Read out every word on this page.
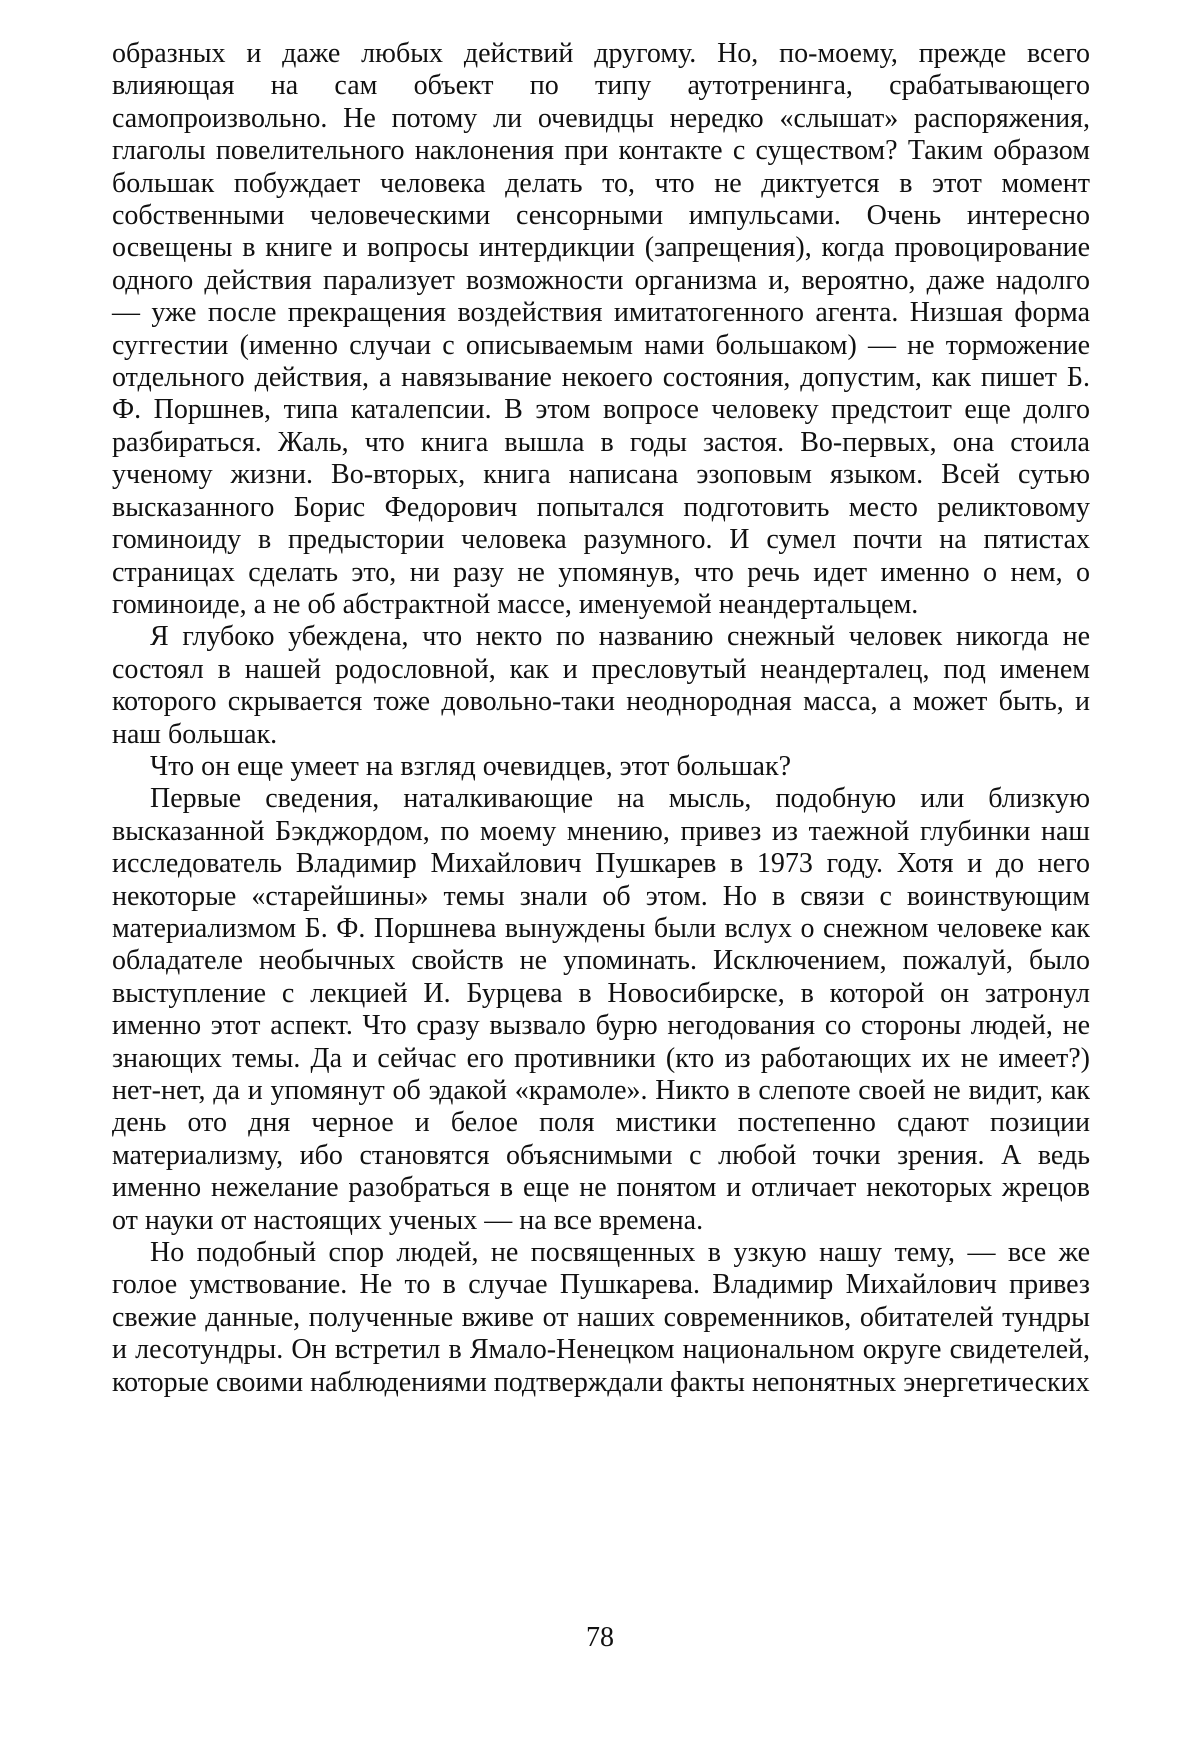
образных и даже любых действий другому. Но, по-моему, прежде всего влияющая на сам объект по типу аутотренинга, срабатывающего самопроизвольно. Не потому ли очевидцы нередко «слышат» распоряжения, глаголы повелительного наклонения при контакте с существом? Таким образом большак побуждает человека делать то, что не диктуется в этот момент собственными человеческими сенсорными импульсами. Очень интересно освещены в книге и вопросы интердикции (запрещения), когда провоцирование одного действия парализует возможности организма и, вероятно, даже надолго — уже после прекращения воздействия имитатогенного агента. Низшая форма суггестии (именно случаи с описываемым нами большаком) — не торможение отдельного действия, а навязывание некоего состояния, допустим, как пишет Б. Ф. Поршнев, типа каталепсии. В этом вопросе человеку предстоит еще долго разбираться. Жаль, что книга вышла в годы застоя. Во-первых, она стоила ученому жизни. Во-вторых, книга написана эзоповым языком. Всей сутью высказанного Борис Федорович попытался подготовить место реликтовому гоминоиду в предыстории человека разумного. И сумел почти на пятистах страницах сделать это, ни разу не упомянув, что речь идет именно о нем, о гоминоиде, а не об абстрактной массе, именуемой неандертальцем.

Я глубоко убеждена, что некто по названию снежный человек никогда не состоял в нашей родословной, как и пресловутый неандерталец, под именем которого скрывается тоже довольно-таки неоднородная масса, а может быть, и наш большак.

Что он еще умеет на взгляд очевидцев, этот большак?

Первые сведения, наталкивающие на мысль, подобную или близкую высказанной Бэкджордом, по моему мнению, привез из таежной глубинки наш исследователь Владимир Михайлович Пушкарев в 1973 году. Хотя и до него некоторые «старейшины» темы знали об этом. Но в связи с воинствующим материализмом Б. Ф. Поршнева вынуждены были вслух о снежном человеке как обладателе необычных свойств не упоминать. Исключением, пожалуй, было выступление с лекцией И. Бурцева в Новосибирске, в которой он затронул именно этот аспект. Что сразу вызвало бурю негодования со стороны людей, не знающих темы. Да и сейчас его противники (кто из работающих их не имеет?) нет-нет, да и упомянут об эдакой «крамоле». Никто в слепоте своей не видит, как день ото дня черное и белое поля мистики постепенно сдают позиции материализму, ибо становятся объяснимыми с любой точки зрения. А ведь именно нежелание разобраться в еще не понятом и отличает некоторых жрецов от науки от настоящих ученых — на все времена.

Но подобный спор людей, не посвященных в узкую нашу тему, — все же голое умствование. Не то в случае Пушкарева. Владимир Михайлович привез свежие данные, полученные вживе от наших современников, обитателей тундры и лесотундры. Он встретил в Ямало-Ненецком национальном округе свидетелей, которые своими наблюдениями подтверждали факты непонятных энергетических

78
